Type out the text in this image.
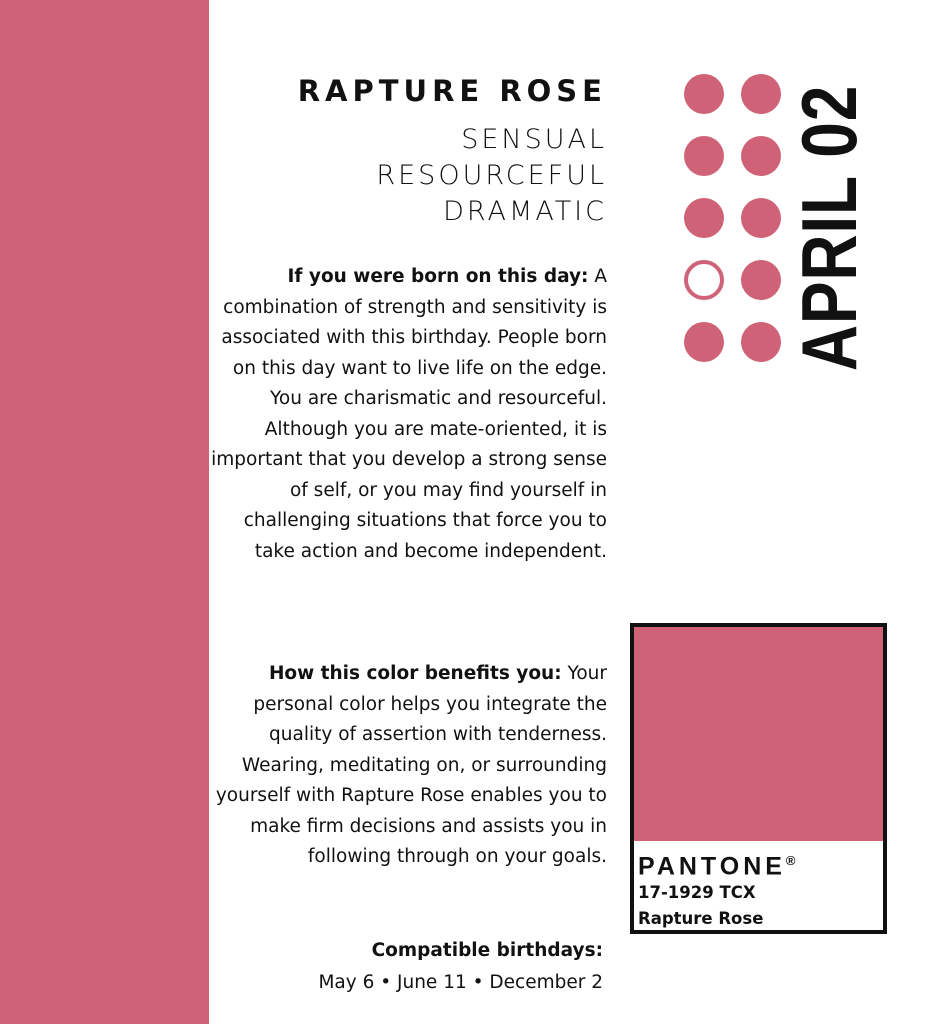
RAPTURE ROSE
SENSUAL
RESOURCEFUL
DRAMATIC

If you were born on this day: A combination of strength and sensitivity is associated with this birthday. People born on this day want to live life on the edge. You are charismatic and resourceful. Although you are mate-oriented, it is important that you develop a strong sense of self, or you may find yourself in challenging situations that force you to take action and become independent.

How this color benefits you: Your personal color helps you integrate the quality of assertion with tenderness. Wearing, meditating on, or surrounding yourself with Rapture Rose enables you to make firm decisions and assists you in following through on your goals.

Compatible birthdays:
May 6 • June 11 • December 2
APRIL 02
PANTONE®
17-1929 TCX
Rapture Rose
